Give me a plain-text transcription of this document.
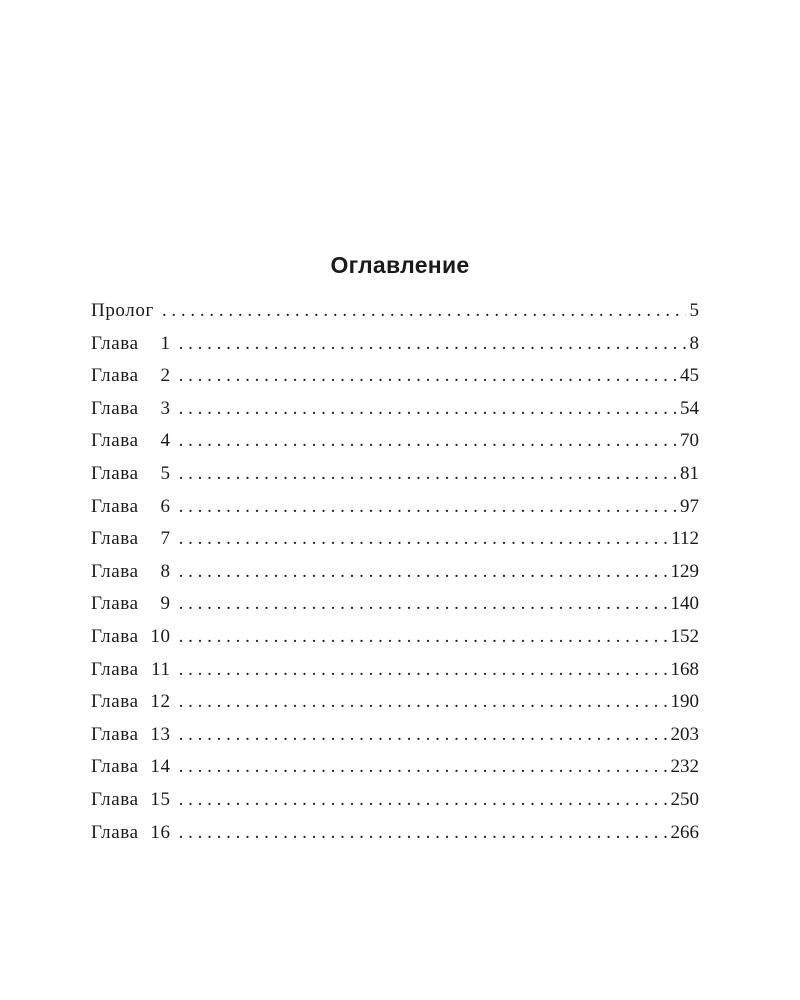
Оглавление
Пролог . . .	5
Глава 1 . . .	8
Глава 2 . . .	45
Глава 3 . . .	54
Глава 4 . . .	70
Глава 5 . . .	81
Глава 6 . . .	97
Глава 7 . . .	112
Глава 8 . . .	129
Глава 9 . . .	140
Глава 10 . . .	152
Глава 11 . . .	168
Глава 12 . . .	190
Глава 13 . . .	203
Глава 14 . . .	232
Глава 15 . . .	250
Глава 16 . . .	266
